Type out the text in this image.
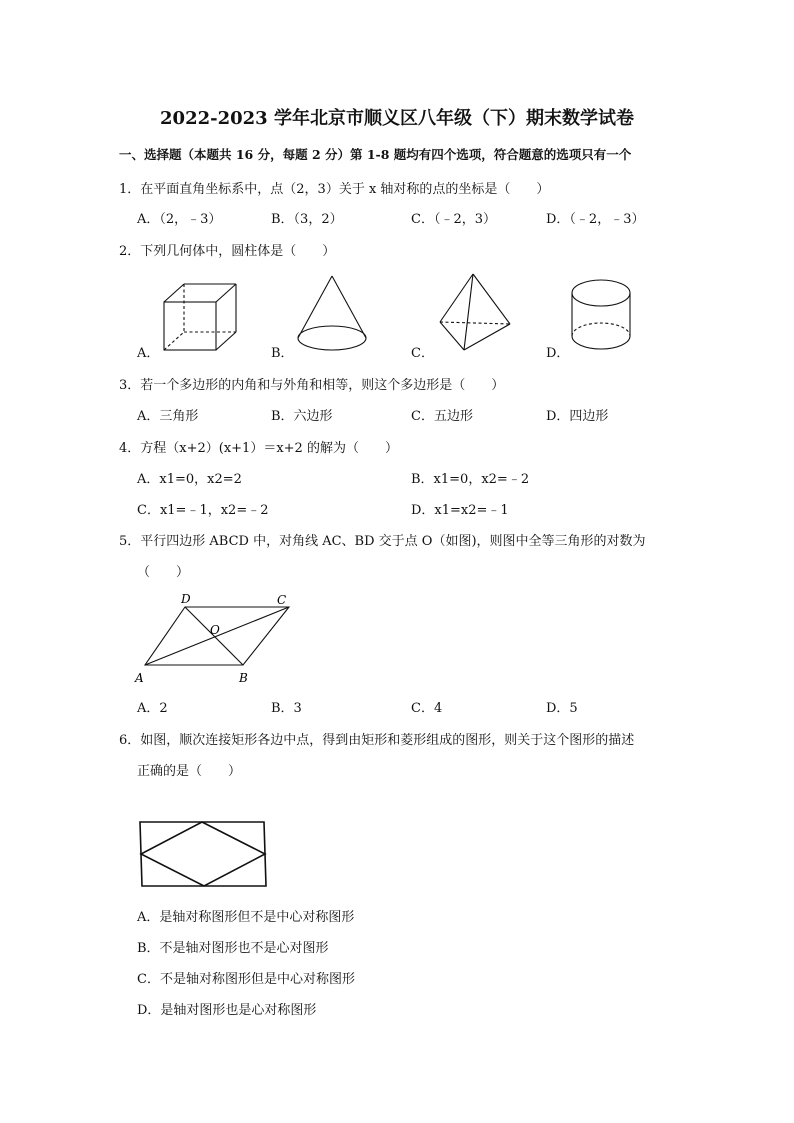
2022-2023 学年北京市顺义区八年级（下）期末数学试卷
一、选择题（本题共 16 分，每题 2 分）第 1-8 题均有四个选项，符合题意的选项只有一个
1．在平面直角坐标系中，点（2，3）关于 x 轴对称的点的坐标是（　　）
A．（2，﹣3）	B．（3，2）	C．（﹣2，3）	D．（﹣2，﹣3）
2．下列几何体中，圆柱体是（　　）
A．	B．	C．	D．
3．若一个多边形的内角和与外角和相等，则这个多边形是（　　）
A．三角形	B．六边形	C．五边形	D．四边形
4．方程（x+2）(x+1）＝x+2 的解为（　　）
A．x1=0，x2=2	B．x1=0，x2=﹣2
C．x1=﹣1，x2=﹣2	D．x1=x2=﹣1
5．平行四边形 ABCD 中，对角线 AC、BD 交于点 O（如图)，则图中全等三角形的对数为
（　　）
A	B
C
D
O
A．2	B．3	C．4	D．5
6．如图，顺次连接矩形各边中点，得到由矩形和菱形组成的图形，则关于这个图形的描述
正确的是（　　）
A．是轴对称图形但不是中心对称图形
B．不是轴对图形也不是心对图形
C．不是轴对称图形但是中心对称图形
D．是轴对图形也是心对称图形
